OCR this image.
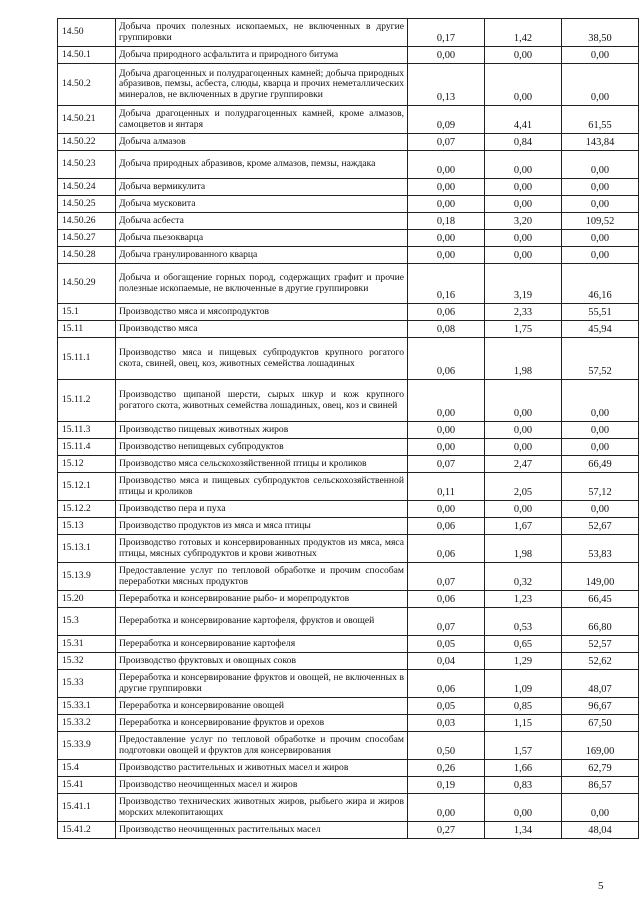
14.50	Добыча прочих полезных ископаемых, не включенных в другие группировки	0,17	1,42	38,50
14.50.1	Добыча природного асфальтита и природного битума	0,00	0,00	0,00
14.50.2	Добыча драгоценных и полудрагоценных камней; добыча природных абразивов, пемзы, асбеста, слюды, кварца и прочих неметаллических минералов, не включенных в другие группировки	0,13	0,00	0,00
14.50.21	Добыча драгоценных и полудрагоценных камней, кроме алмазов, самоцветов и янтаря	0,09	4,41	61,55
14.50.22	Добыча алмазов	0,07	0,84	143,84
14.50.23	Добыча природных абразивов, кроме алмазов, пемзы, наждака	0,00	0,00	0,00
14.50.24	Добыча вермикулита	0,00	0,00	0,00
14.50.25	Добыча мусковита	0,00	0,00	0,00
14.50.26	Добыча асбеста	0,18	3,20	109,52
14.50.27	Добыча пьезокварца	0,00	0,00	0,00
14.50.28	Добыча гранулированного кварца	0,00	0,00	0,00
14.50.29	Добыча и обогащение горных пород, содержащих графит и прочие полезные ископаемые, не включенные в другие группировки	0,16	3,19	46,16
15.1	Производство мяса и мясопродуктов	0,06	2,33	55,51
15.11	Производство мяса	0,08	1,75	45,94
15.11.1	Производство мяса и пищевых субпродуктов крупного рогатого скота, свиней, овец, коз, животных семейства лошадиных	0,06	1,98	57,52
15.11.2	Производство щипаной шерсти, сырых шкур и кож крупного рогатого скота, животных семейства лошадиных, овец, коз и свиней	0,00	0,00	0,00
15.11.3	Производство пищевых животных жиров	0,00	0,00	0,00
15.11.4	Производство непищевых субпродуктов	0,00	0,00	0,00
15.12	Производство мяса сельскохозяйственной птицы и кроликов	0,07	2,47	66,49
15.12.1	Производство мяса и пищевых субпродуктов сельскохозяйственной птицы и кроликов	0,11	2,05	57,12
15.12.2	Производство пера и пуха	0,00	0,00	0,00
15.13	Производство продуктов из мяса и мяса птицы	0,06	1,67	52,67
15.13.1	Производство готовых и консервированных продуктов из мяса, мяса птицы, мясных субпродуктов и крови животных	0,06	1,98	53,83
15.13.9	Предоставление услуг по тепловой обработке и прочим способам переработки мясных продуктов	0,07	0,32	149,00
15.20	Переработка и консервирование рыбо- и морепродуктов	0,06	1,23	66,45
15.3	Переработка и консервирование картофеля, фруктов и овощей	0,07	0,53	66,80
15.31	Переработка и консервирование картофеля	0,05	0,65	52,57
15.32	Производство фруктовых и овощных соков	0,04	1,29	52,62
15.33	Переработка и консервирование фруктов и овощей, не включенных в другие группировки	0,06	1,09	48,07
15.33.1	Переработка и консервирование овощей	0,05	0,85	96,67
15.33.2	Переработка и консервирование фруктов и орехов	0,03	1,15	67,50
15.33.9	Предоставление услуг по тепловой обработке и прочим способам подготовки овощей и фруктов для консервирования	0,50	1,57	169,00
15.4	Производство растительных и животных масел и жиров	0,26	1,66	62,79
15.41	Производство неочищенных масел и жиров	0,19	0,83	86,57
15.41.1	Производство технических животных жиров, рыбьего жира и жиров морских млекопитающих	0,00	0,00	0,00
15.41.2	Производство неочищенных растительных масел	0,27	1,34	48,04
5
